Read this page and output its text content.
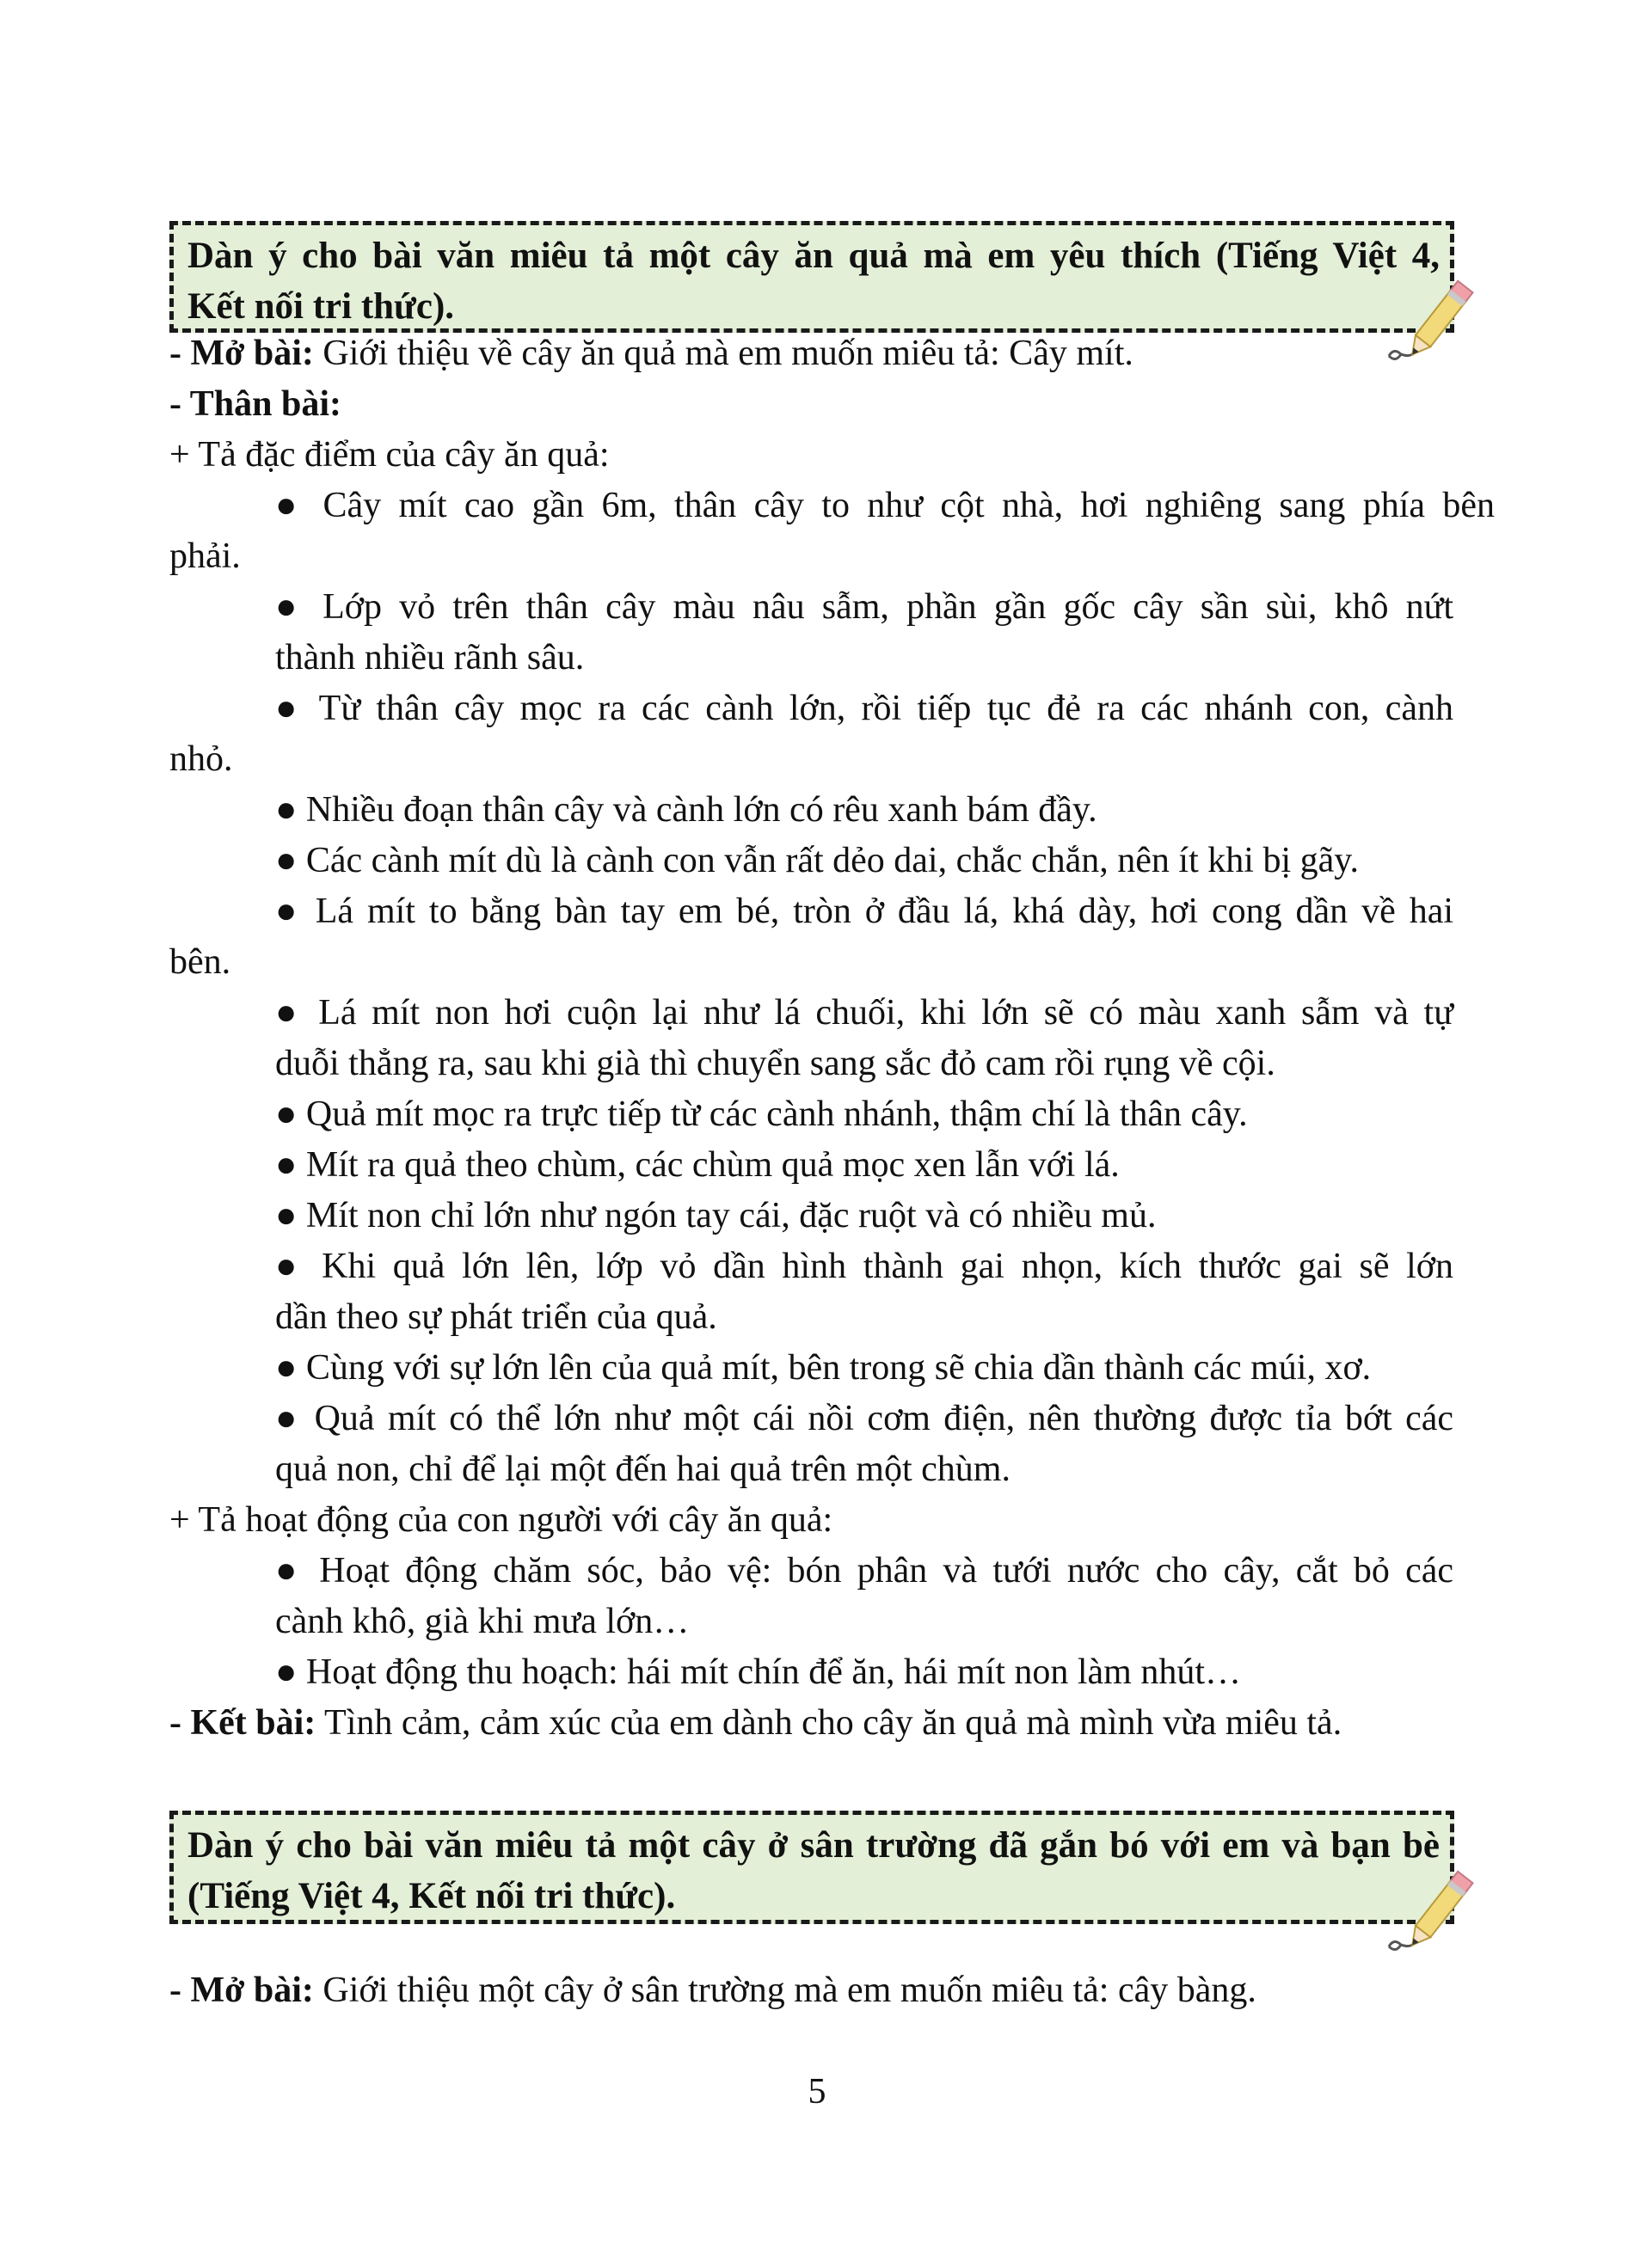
Dàn ý cho bài văn miêu tả một cây ăn quả mà em yêu thích (Tiếng Việt 4,
Kết nối tri thức).
- Mở bài: Giới thiệu về cây ăn quả mà em muốn miêu tả: Cây mít.
- Thân bài:
+ Tả đặc điểm của cây ăn quả:
● Cây mít cao gần 6m, thân cây to như cột nhà, hơi nghiêng sang phía bên
phải.
● Lớp vỏ trên thân cây màu nâu sẫm, phần gần gốc cây sần sùi, khô nứt
thành nhiều rãnh sâu.
● Từ thân cây mọc ra các cành lớn, rồi tiếp tục đẻ ra các nhánh con, cành
nhỏ.
● Nhiều đoạn thân cây và cành lớn có rêu xanh bám đầy.
● Các cành mít dù là cành con vẫn rất dẻo dai, chắc chắn, nên ít khi bị gãy.
● Lá mít to bằng bàn tay em bé, tròn ở đầu lá, khá dày, hơi cong dần về hai
bên.
● Lá mít non hơi cuộn lại như lá chuối, khi lớn sẽ có màu xanh sẫm và tự
duỗi thẳng ra, sau khi già thì chuyển sang sắc đỏ cam rồi rụng về cội.
● Quả mít mọc ra trực tiếp từ các cành nhánh, thậm chí là thân cây.
● Mít ra quả theo chùm, các chùm quả mọc xen lẫn với lá.
● Mít non chỉ lớn như ngón tay cái, đặc ruột và có nhiều mủ.
● Khi quả lớn lên, lớp vỏ dần hình thành gai nhọn, kích thước gai sẽ lớn
dần theo sự phát triển của quả.
● Cùng với sự lớn lên của quả mít, bên trong sẽ chia dần thành các múi, xơ.
● Quả mít có thể lớn như một cái nồi cơm điện, nên thường được tỉa bớt các
quả non, chỉ để lại một đến hai quả trên một chùm.
+ Tả hoạt động của con người với cây ăn quả:
● Hoạt động chăm sóc, bảo vệ: bón phân và tưới nước cho cây, cắt bỏ các
cành khô, già khi mưa lớn…
● Hoạt động thu hoạch: hái mít chín để ăn, hái mít non làm nhút…
- Kết bài: Tình cảm, cảm xúc của em dành cho cây ăn quả mà mình vừa miêu tả.
Dàn ý cho bài văn miêu tả một cây ở sân trường đã gắn bó với em và bạn bè
(Tiếng Việt 4, Kết nối tri thức).
- Mở bài: Giới thiệu một cây ở sân trường mà em muốn miêu tả: cây bàng.
5
